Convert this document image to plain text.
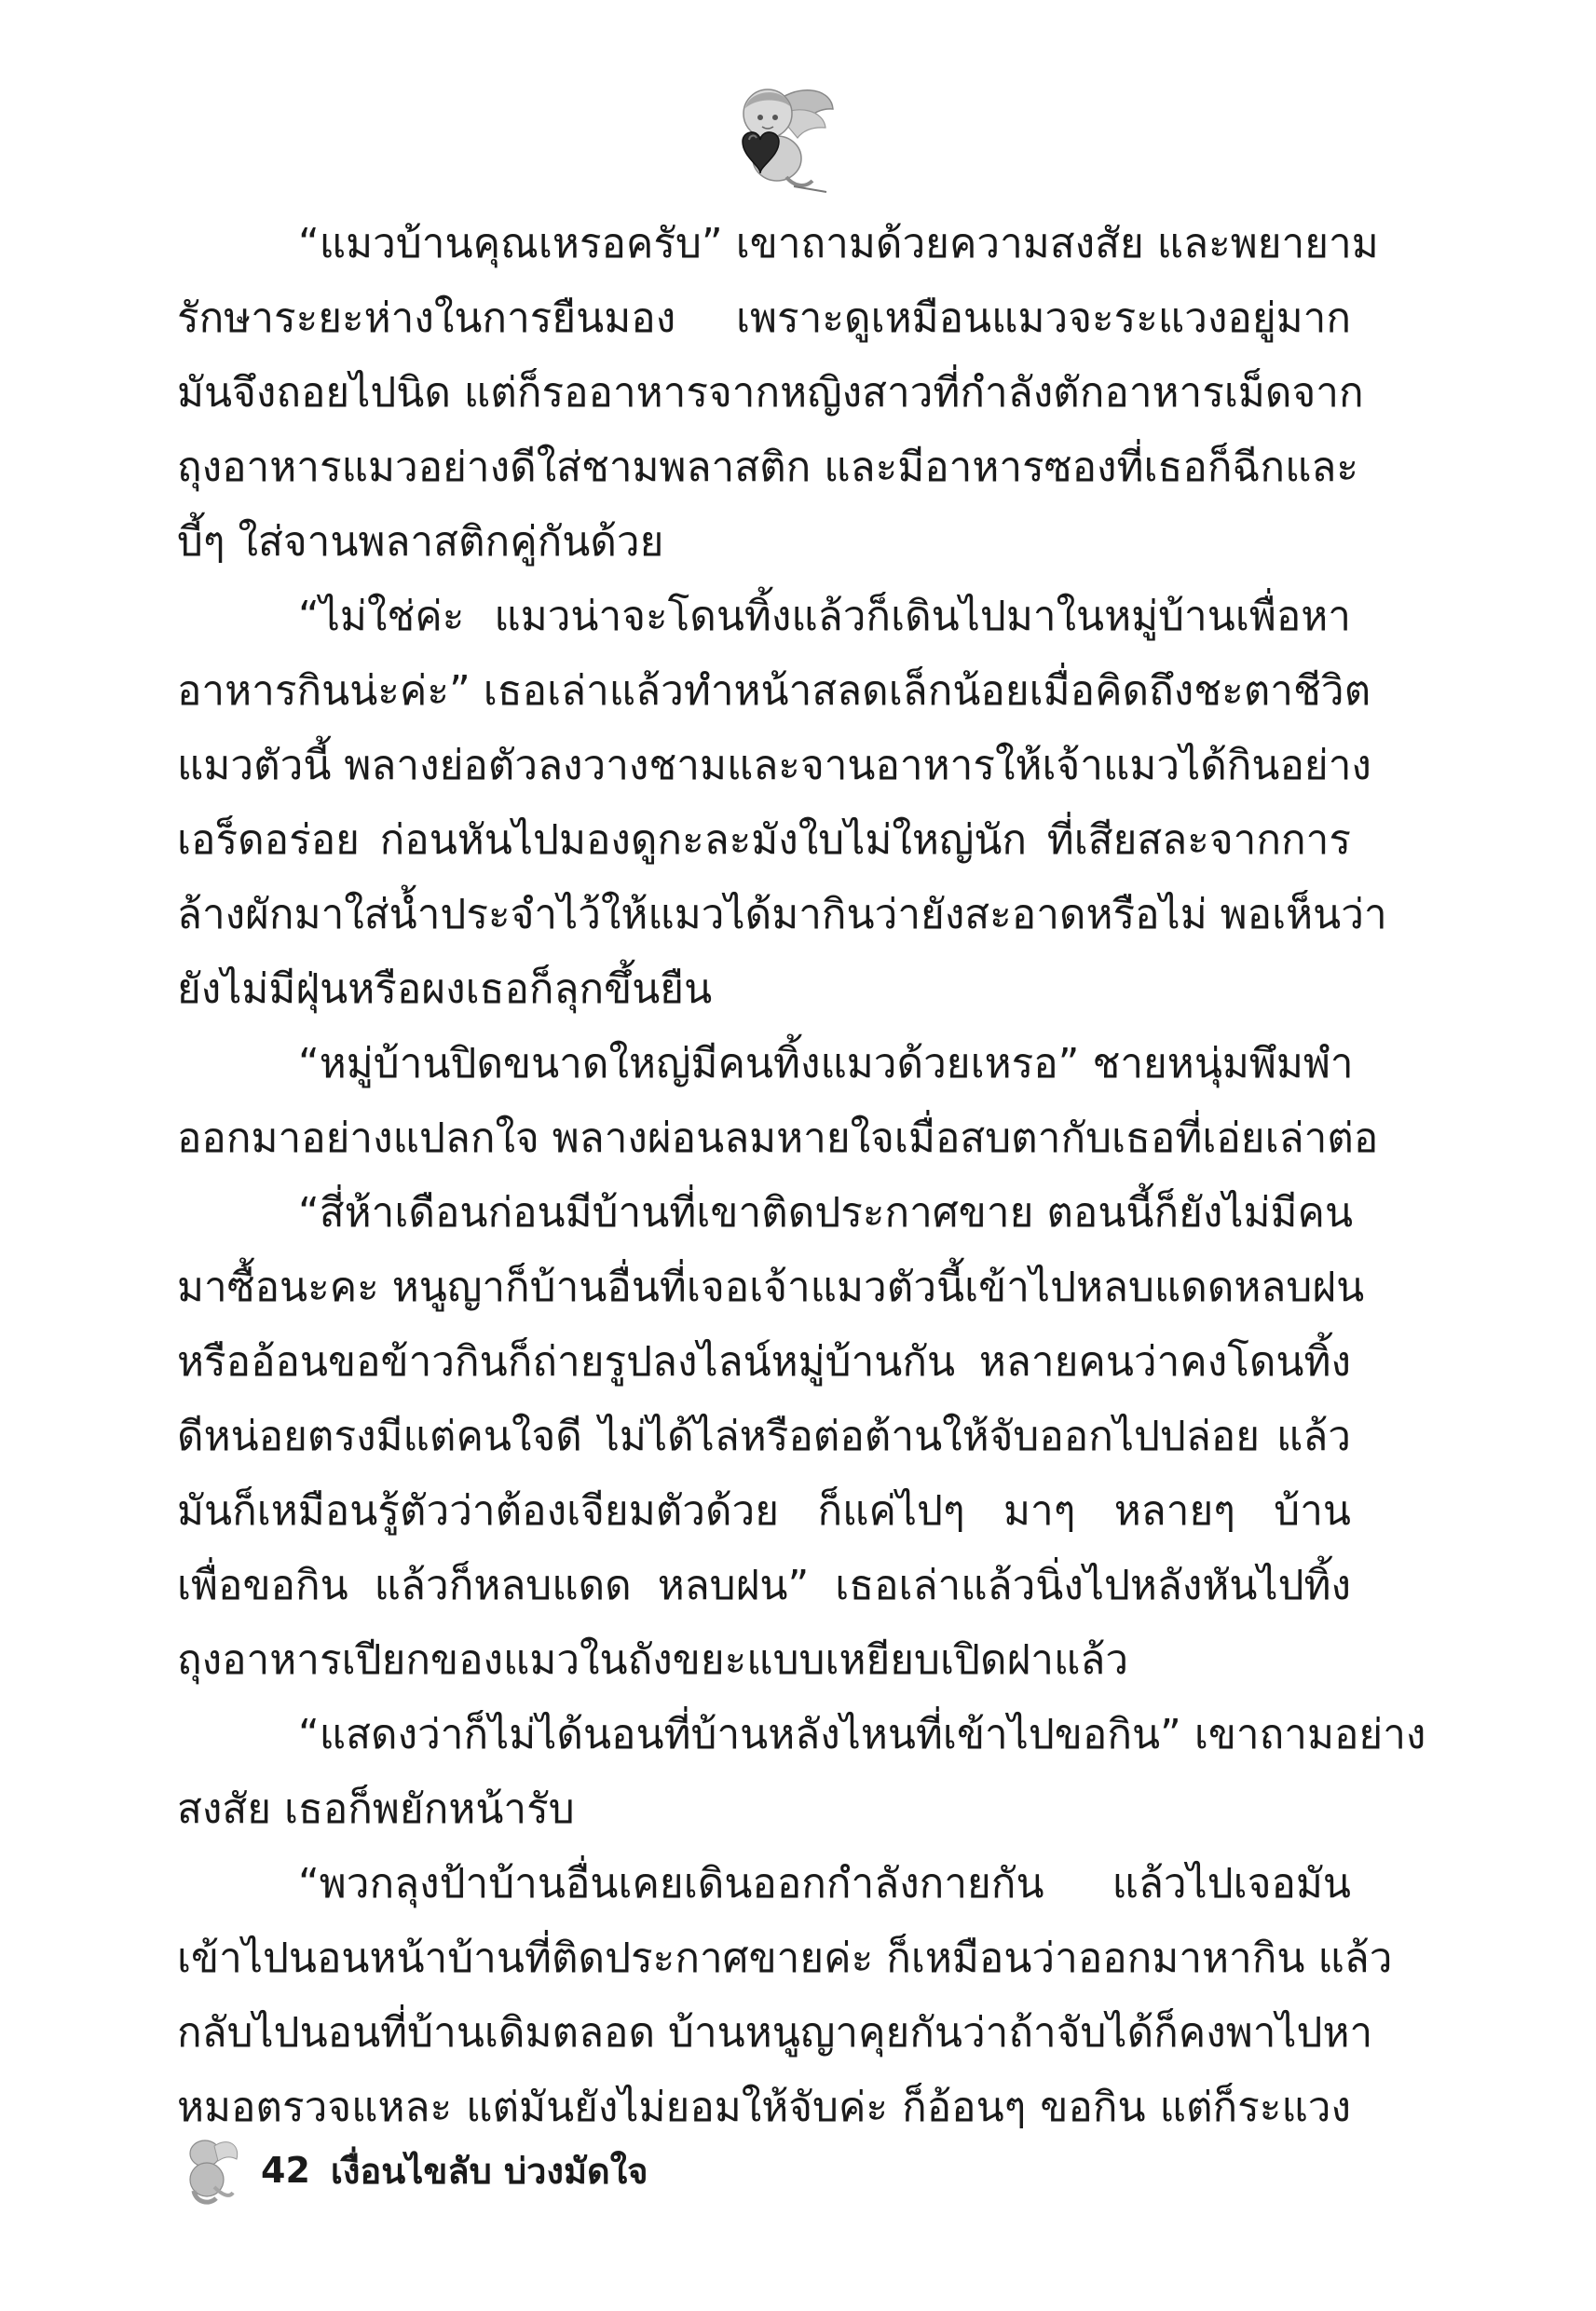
“แมวบ้านคุณเหรอครับ” เขาถามด้วยความสงสัย และพยายาม
รักษาระยะห่างในการยืนมอง เพราะดูเหมือนแมวจะระแวงอยู่มาก
มันจึงถอยไปนิด แต่ก็รออาหารจากหญิงสาวที่กำลังตักอาหารเม็ดจาก
ถุงอาหารแมวอย่างดีใส่ชามพลาสติก และมีอาหารซองที่เธอก็ฉีกและ
บี้ๆ ใส่จานพลาสติกคู่กันด้วย
“ไม่ใช่ค่ะ แมวน่าจะโดนทิ้งแล้วก็เดินไปมาในหมู่บ้านเพื่อหา
อาหารกินน่ะค่ะ” เธอเล่าแล้วทำหน้าสลดเล็กน้อยเมื่อคิดถึงชะตาชีวิต
แมวตัวนี้ พลางย่อตัวลงวางชามและจานอาหารให้เจ้าแมวได้กินอย่าง
เอร็ดอร่อย ก่อนหันไปมองดูกะละมังใบไม่ใหญ่นัก ที่เสียสละจากการ
ล้างผักมาใส่น้ำประจำไว้ให้แมวได้มากินว่ายังสะอาดหรือไม่ พอเห็นว่า
ยังไม่มีฝุ่นหรือผงเธอก็ลุกขึ้นยืน
“หมู่บ้านปิดขนาดใหญ่มีคนทิ้งแมวด้วยเหรอ” ชายหนุ่มพึมพำ
ออกมาอย่างแปลกใจ พลางผ่อนลมหายใจเมื่อสบตากับเธอที่เอ่ยเล่าต่อ
“สี่ห้าเดือนก่อนมีบ้านที่เขาติดประกาศขาย ตอนนี้ก็ยังไม่มีคน
มาซื้อนะคะ หนูญาก็บ้านอื่นที่เจอเจ้าแมวตัวนี้เข้าไปหลบแดดหลบฝน
หรืออ้อนขอข้าวกินก็ถ่ายรูปลงไลน์หมู่บ้านกัน หลายคนว่าคงโดนทิ้ง
ดีหน่อยตรงมีแต่คนใจดี ไม่ได้ไล่หรือต่อต้านให้จับออกไปปล่อย แล้ว
มันก็เหมือนรู้ตัวว่าต้องเจียมตัวด้วย ก็แค่ไปๆ มาๆ หลายๆ บ้าน
เพื่อขอกิน แล้วก็หลบแดด หลบฝน” เธอเล่าแล้วนิ่งไปหลังหันไปทิ้ง
ถุงอาหารเปียกของแมวในถังขยะแบบเหยียบเปิดฝาแล้ว
“แสดงว่าก็ไม่ได้นอนที่บ้านหลังไหนที่เข้าไปขอกิน” เขาถามอย่าง
สงสัย เธอก็พยักหน้ารับ
“พวกลุงป้าบ้านอื่นเคยเดินออกกำลังกายกัน แล้วไปเจอมัน
เข้าไปนอนหน้าบ้านที่ติดประกาศขายค่ะ ก็เหมือนว่าออกมาหากิน แล้ว
กลับไปนอนที่บ้านเดิมตลอด บ้านหนูญาคุยกันว่าถ้าจับได้ก็คงพาไปหา
หมอตรวจแหละ แต่มันยังไม่ยอมให้จับค่ะ ก็อ้อนๆ ขอกิน แต่ก็ระแวง
42 เงื่อนไขลับ บ่วงมัดใจ
